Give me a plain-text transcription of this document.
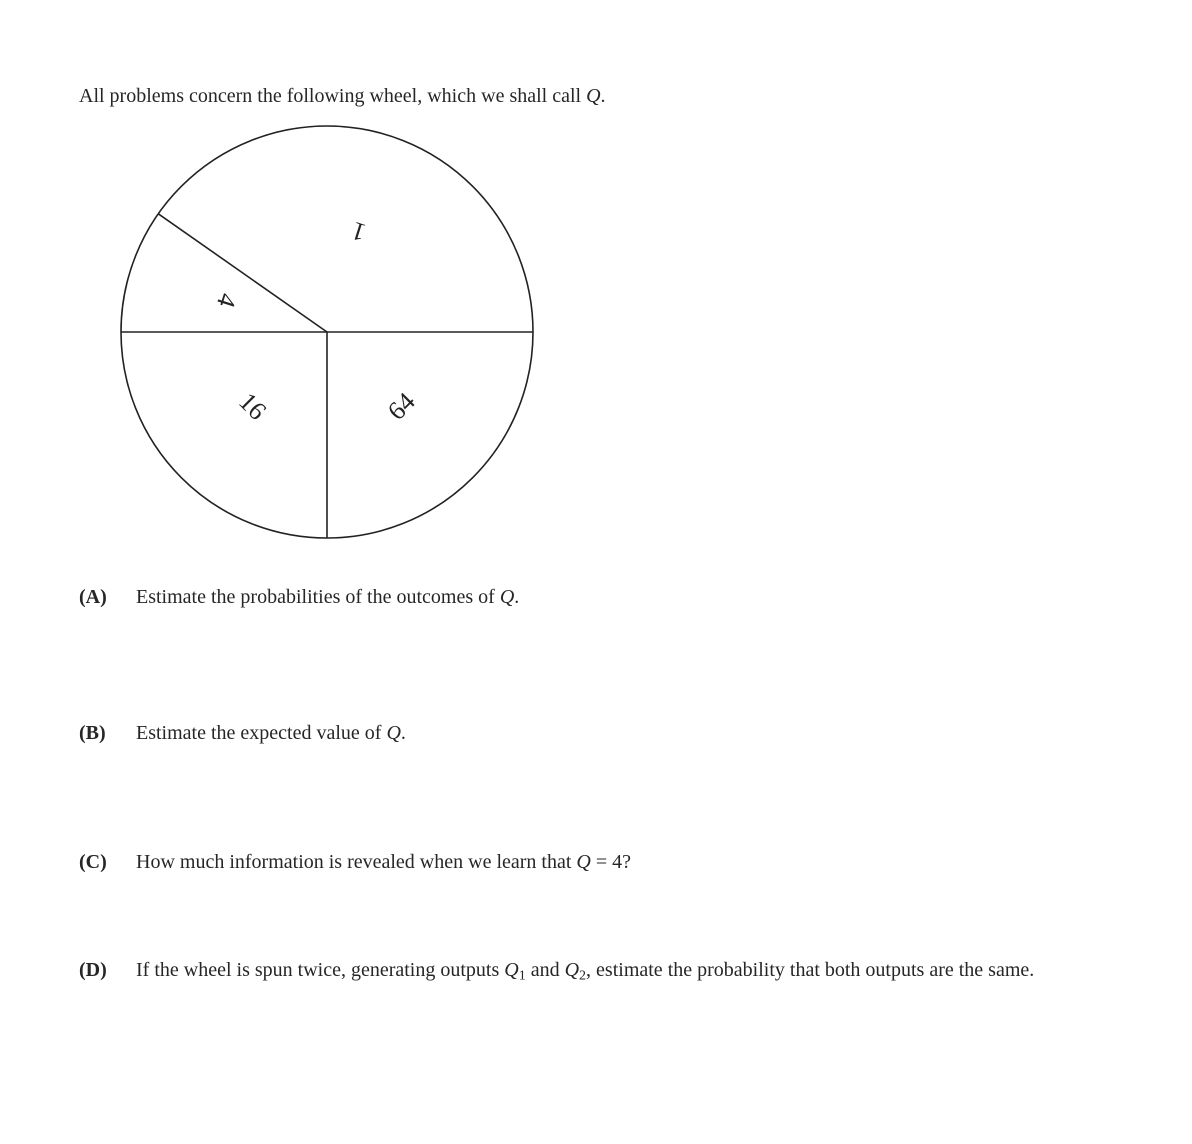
All problems concern the following wheel, which we shall call Q.

1
4
16	64
(A) Estimate the probabilities of the outcomes of Q.
(B) Estimate the expected value of Q.
(C) How much information is revealed when we learn that Q = 4?
(D) If the wheel is spun twice, generating outputs $Q_1$ and $Q_2$, estimate the probability that both outputs are the same.
